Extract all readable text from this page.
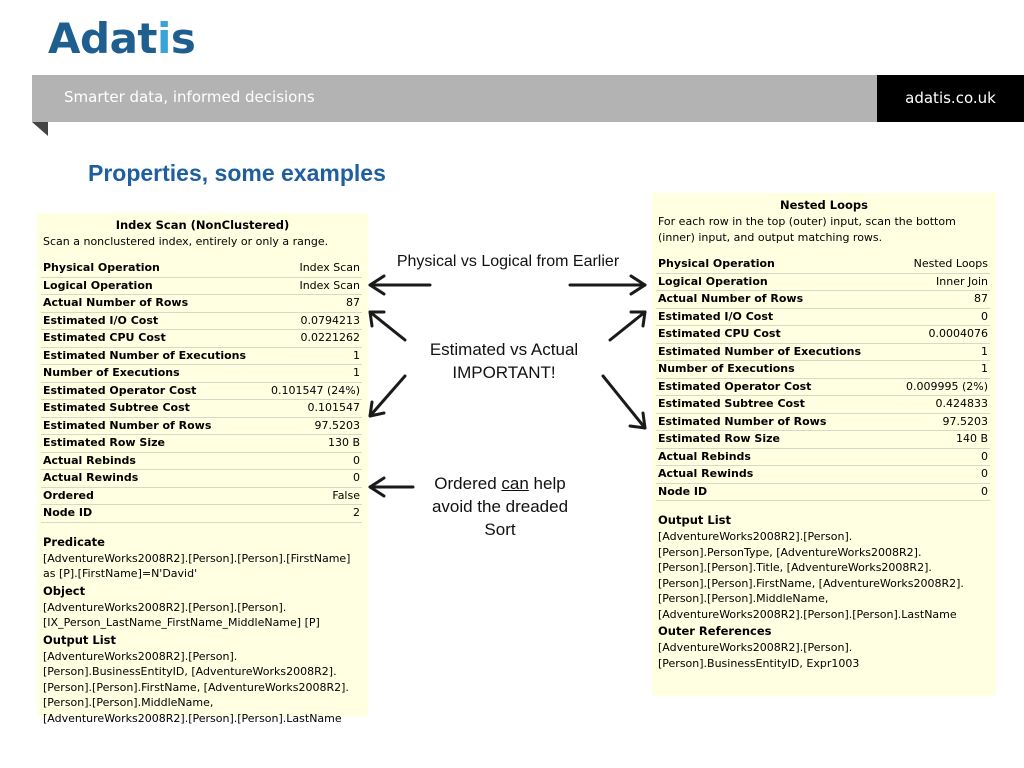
Adatis
Smarter data, informed decisions	adatis.co.uk
Properties, some examples
Index Scan (NonClustered)
Scan a nonclustered index, entirely or only a range.
Physical Operation	Index Scan
Logical Operation	Index Scan
Actual Number of Rows	87
Estimated I/O Cost	0.0794213
Estimated CPU Cost	0.0221262
Estimated Number of Executions	1
Number of Executions	1
Estimated Operator Cost	0.101547 (24%)
Estimated Subtree Cost	0.101547
Estimated Number of Rows	97.5203
Estimated Row Size	130 B
Actual Rebinds	0
Actual Rewinds	0
Ordered	False
Node ID	2
Predicate
[AdventureWorks2008R2].[Person].[Person].[FirstName]
as [P].[FirstName]=N'David'
Object
[AdventureWorks2008R2].[Person].[Person].
[IX_Person_LastName_FirstName_MiddleName] [P]
Output List
[AdventureWorks2008R2].[Person].
[Person].BusinessEntityID, [AdventureWorks2008R2].
[Person].[Person].FirstName, [AdventureWorks2008R2].
[Person].[Person].MiddleName,
[AdventureWorks2008R2].[Person].[Person].LastName
Nested Loops
For each row in the top (outer) input, scan the bottom
(inner) input, and output matching rows.
Physical Operation	Nested Loops
Logical Operation	Inner Join
Actual Number of Rows	87
Estimated I/O Cost	0
Estimated CPU Cost	0.0004076
Estimated Number of Executions	1
Number of Executions	1
Estimated Operator Cost	0.009995 (2%)
Estimated Subtree Cost	0.424833
Estimated Number of Rows	97.5203
Estimated Row Size	140 B
Actual Rebinds	0
Actual Rewinds	0
Node ID	0
Output List
[AdventureWorks2008R2].[Person].
[Person].PersonType, [AdventureWorks2008R2].
[Person].[Person].Title, [AdventureWorks2008R2].
[Person].[Person].FirstName, [AdventureWorks2008R2].
[Person].[Person].MiddleName,
[AdventureWorks2008R2].[Person].[Person].LastName
Outer References
[AdventureWorks2008R2].[Person].
[Person].BusinessEntityID, Expr1003
Physical vs Logical from Earlier
Estimated vs Actual
IMPORTANT!
Ordered can help
avoid the dreaded
Sort
